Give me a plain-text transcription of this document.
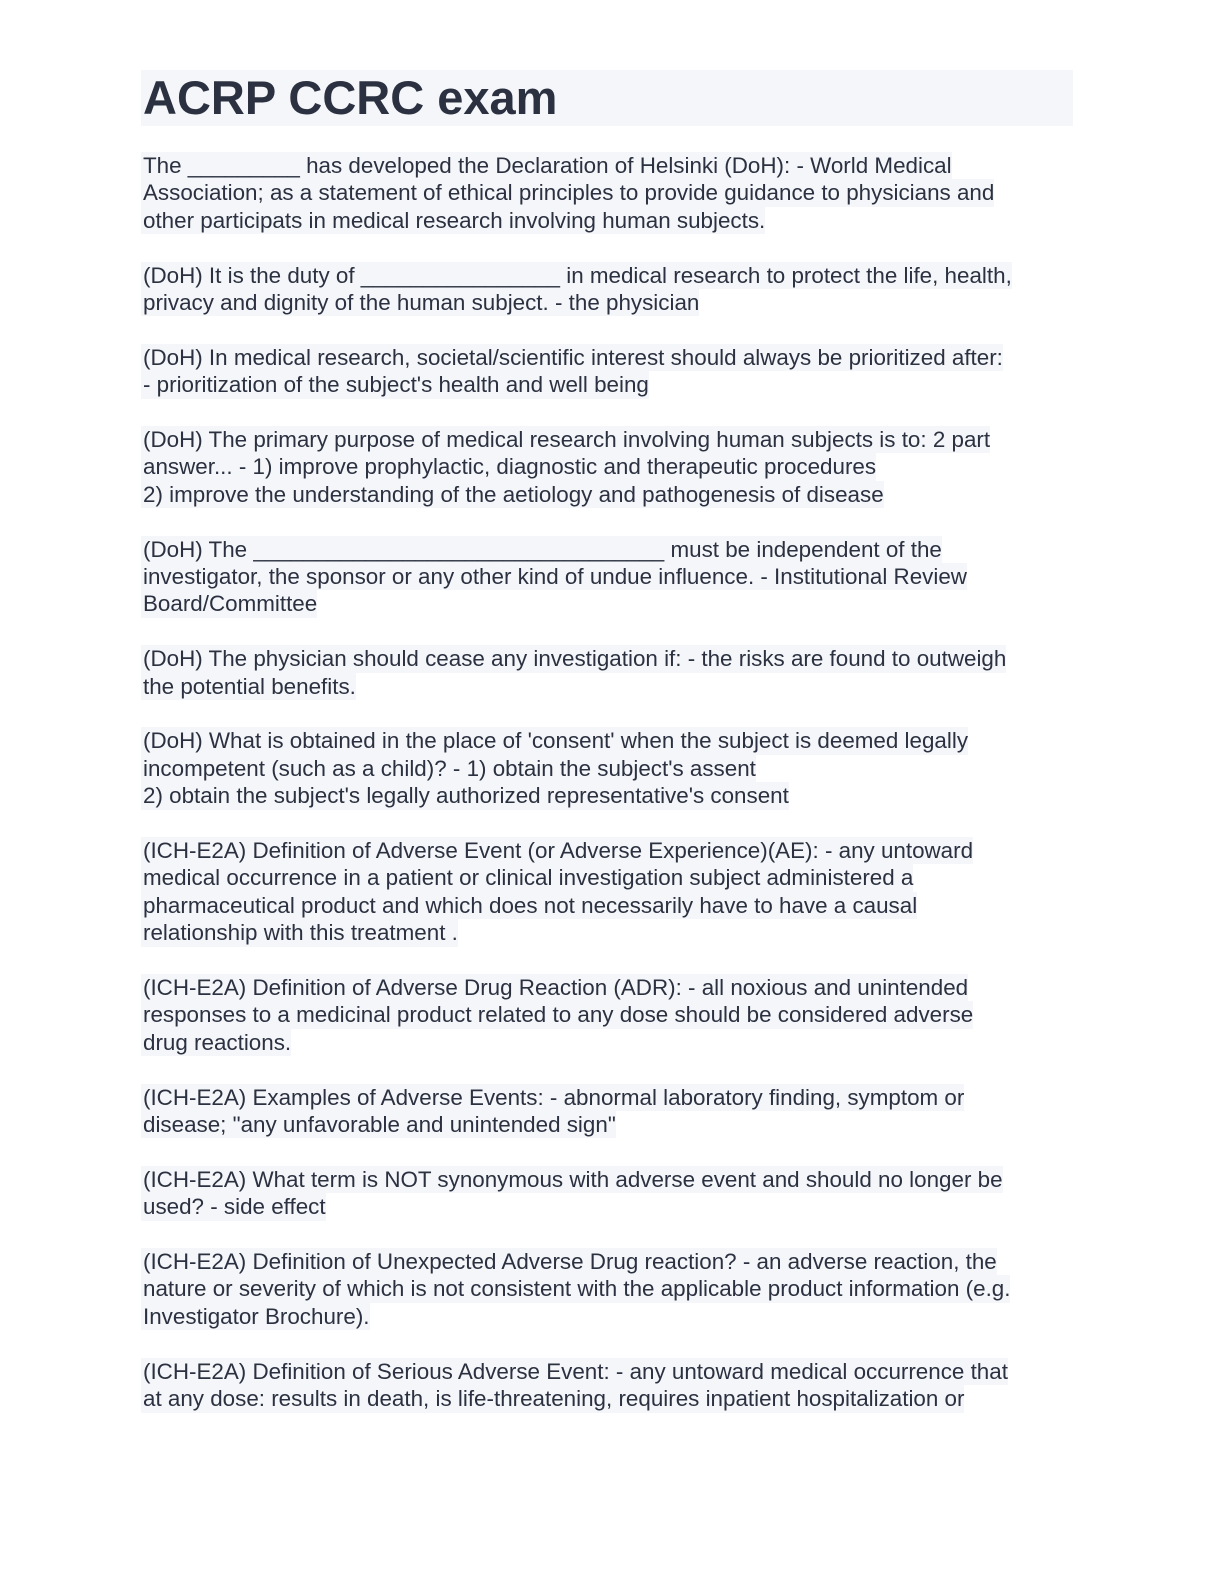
ACRP CCRC exam
The _________ has developed the Declaration of Helsinki (DoH): - World Medical
Association; as a statement of ethical principles to provide guidance to physicians and
other participats in medical research involving human subjects.
(DoH) It is the duty of ________________ in medical research to protect the life, health,
privacy and dignity of the human subject. - the physician
(DoH) In medical research, societal/scientific interest should always be prioritized after:
- prioritization of the subject's health and well being
(DoH) The primary purpose of medical research involving human subjects is to: 2 part
answer... - 1) improve prophylactic, diagnostic and therapeutic procedures
2) improve the understanding of the aetiology and pathogenesis of disease
(DoH) The _________________________________ must be independent of the
investigator, the sponsor or any other kind of undue influence. - Institutional Review
Board/Committee
(DoH) The physician should cease any investigation if: - the risks are found to outweigh
the potential benefits.
(DoH) What is obtained in the place of 'consent' when the subject is deemed legally
incompetent (such as a child)? - 1) obtain the subject's assent
2) obtain the subject's legally authorized representative's consent
(ICH-E2A) Definition of Adverse Event (or Adverse Experience)(AE): - any untoward
medical occurrence in a patient or clinical investigation subject administered a
pharmaceutical product and which does not necessarily have to have a causal
relationship with this treatment .
(ICH-E2A) Definition of Adverse Drug Reaction (ADR): - all noxious and unintended
responses to a medicinal product related to any dose should be considered adverse
drug reactions.
(ICH-E2A) Examples of Adverse Events: - abnormal laboratory finding, symptom or
disease; "any unfavorable and unintended sign"
(ICH-E2A) What term is NOT synonymous with adverse event and should no longer be
used? - side effect
(ICH-E2A) Definition of Unexpected Adverse Drug reaction? - an adverse reaction, the
nature or severity of which is not consistent with the applicable product information (e.g.
Investigator Brochure).
(ICH-E2A) Definition of Serious Adverse Event: - any untoward medical occurrence that
at any dose: results in death, is life-threatening, requires inpatient hospitalization or
